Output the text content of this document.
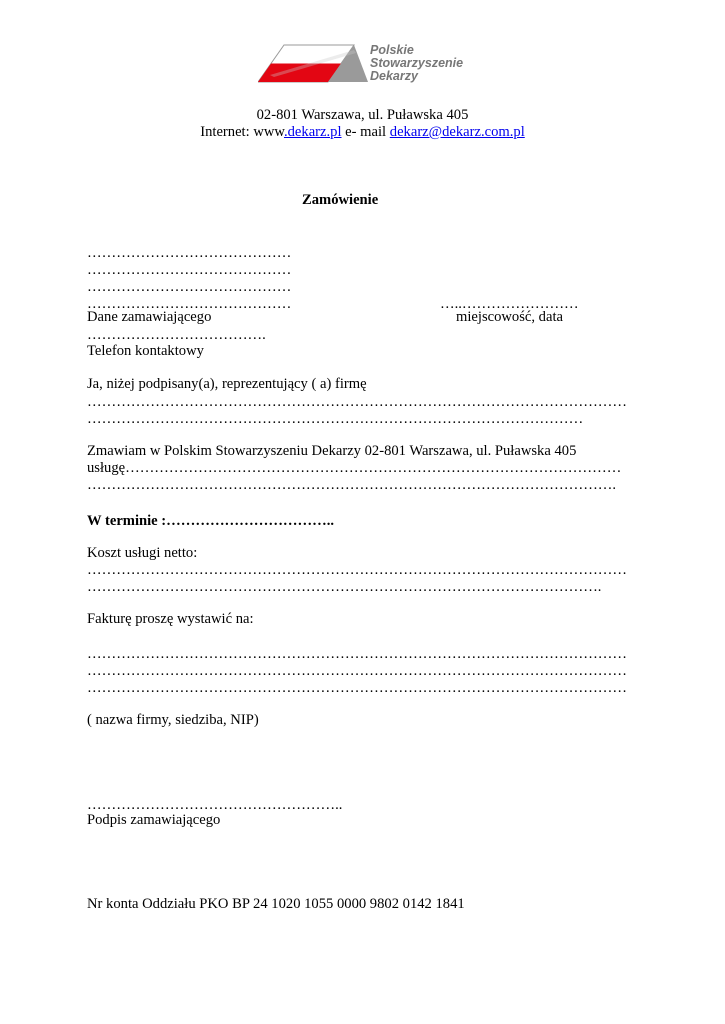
Polskie
Stowarzyszenie
Dekarzy
02-801 Warszawa, ul. Puławska 405
Internet: www.dekarz.pl e- mail dekarz@dekarz.com.pl
Zamówienie
……………………………………
……………………………………
……………………………………
……………………………………	…..……………………
Dane zamawiającego	miejscowość, data
……………………………….
Telefon kontaktowy
Ja, niżej podpisany(a), reprezentujący ( a) firmę
…………………………………………………………………………………………………
…………………………………………………………………………………………
Zmawiam w Polskim Stowarzyszeniu Dekarzy 02-801 Warszawa, ul. Puławska 405
usługę…………………………………………………………………………………………
……………………………………………………………………………………………….
W terminie :……………………………..
Koszt usługi netto:
…………………………………………………………………………………………………
…………………………………………………………………………………………….
Fakturę proszę wystawić na:
…………………………………………………………………………………………………
…………………………………………………………………………………………………
…………………………………………………………………………………………………
( nazwa firmy, siedziba, NIP)
……………………………………………..
Podpis zamawiającego
Nr konta Oddziału PKO BP 24 1020 1055 0000 9802 0142 1841
